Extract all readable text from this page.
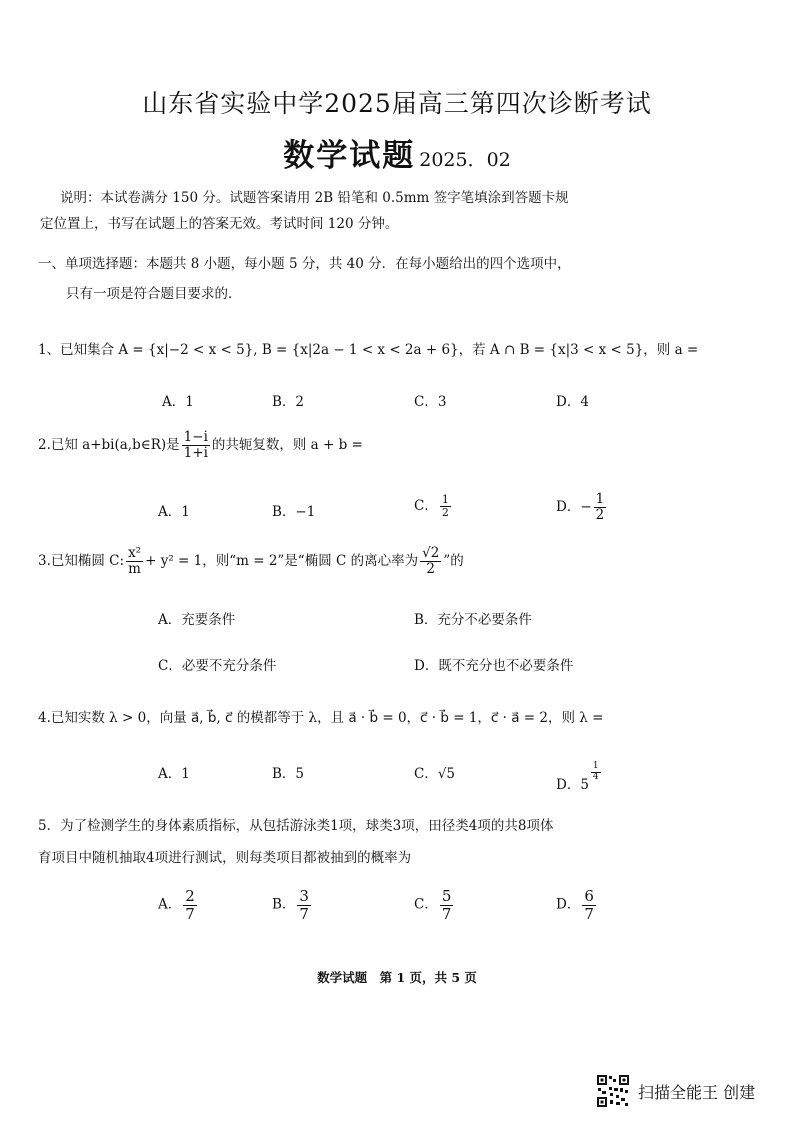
山东省实验中学2025届高三第四次诊断考试
数学试题 2025．02
说明：本试卷满分 150 分。试题答案请用 2B 铅笔和 0.5mm 签字笔填涂到答题卡规
定位置上，书写在试题上的答案无效。考试时间 120 分钟。
一、单项选择题：本题共 8 小题，每小题 5 分，共 40 分．在每小题给出的四个选项中，
只有一项是符合题目要求的．
1、已知集合 A = {x|−2 < x < 5}, B = {x|2a − 1 < x < 2a + 6}，若 A ∩ B = {x|3 < x < 5}，则 a =
A．1	B．2	C．3	D．4
2.已知 a+bi(a,b∈R)是 $\frac{1-i}{1+i}$ 的共轭复数，则 a + b =
A．1	B．−1	C． $\frac{1}{2}$	D．− $\frac{1}{2}$
3.已知椭圆 C: $\frac{\text{x²}}{m} + y^2 = 1$，则“m = 2”是“椭圆 C 的离心率为 $\frac{√2}{2}$ ”的
A．充要条件	B．充分不必要条件
C．必要不充分条件	D．既不充分也不必要条件
4.已知实数 λ > 0，向量 a⃗, b⃗, c⃗ 的模都等于 λ，且 a⃗ · b⃗ = 0，c⃗ · b⃗ = 1，c⃗ · a⃗ = 2，则 λ =
A．1	B．5	C．√5
D．5
$\frac{1}{4}$
5．为了检测学生的身体素质指标，从包括游泳类1项，球类3项，田径类4项的共8项体
育项目中随机抽取4项进行测试，则每类项目都被抽到的概率为
A． $\frac{2}{7}$	B． $\frac{3}{7}$	C． $\frac{5}{7}$	D． $\frac{6}{7}$
数学试题　第 1 页，共 5 页
扫描全能王 创建
